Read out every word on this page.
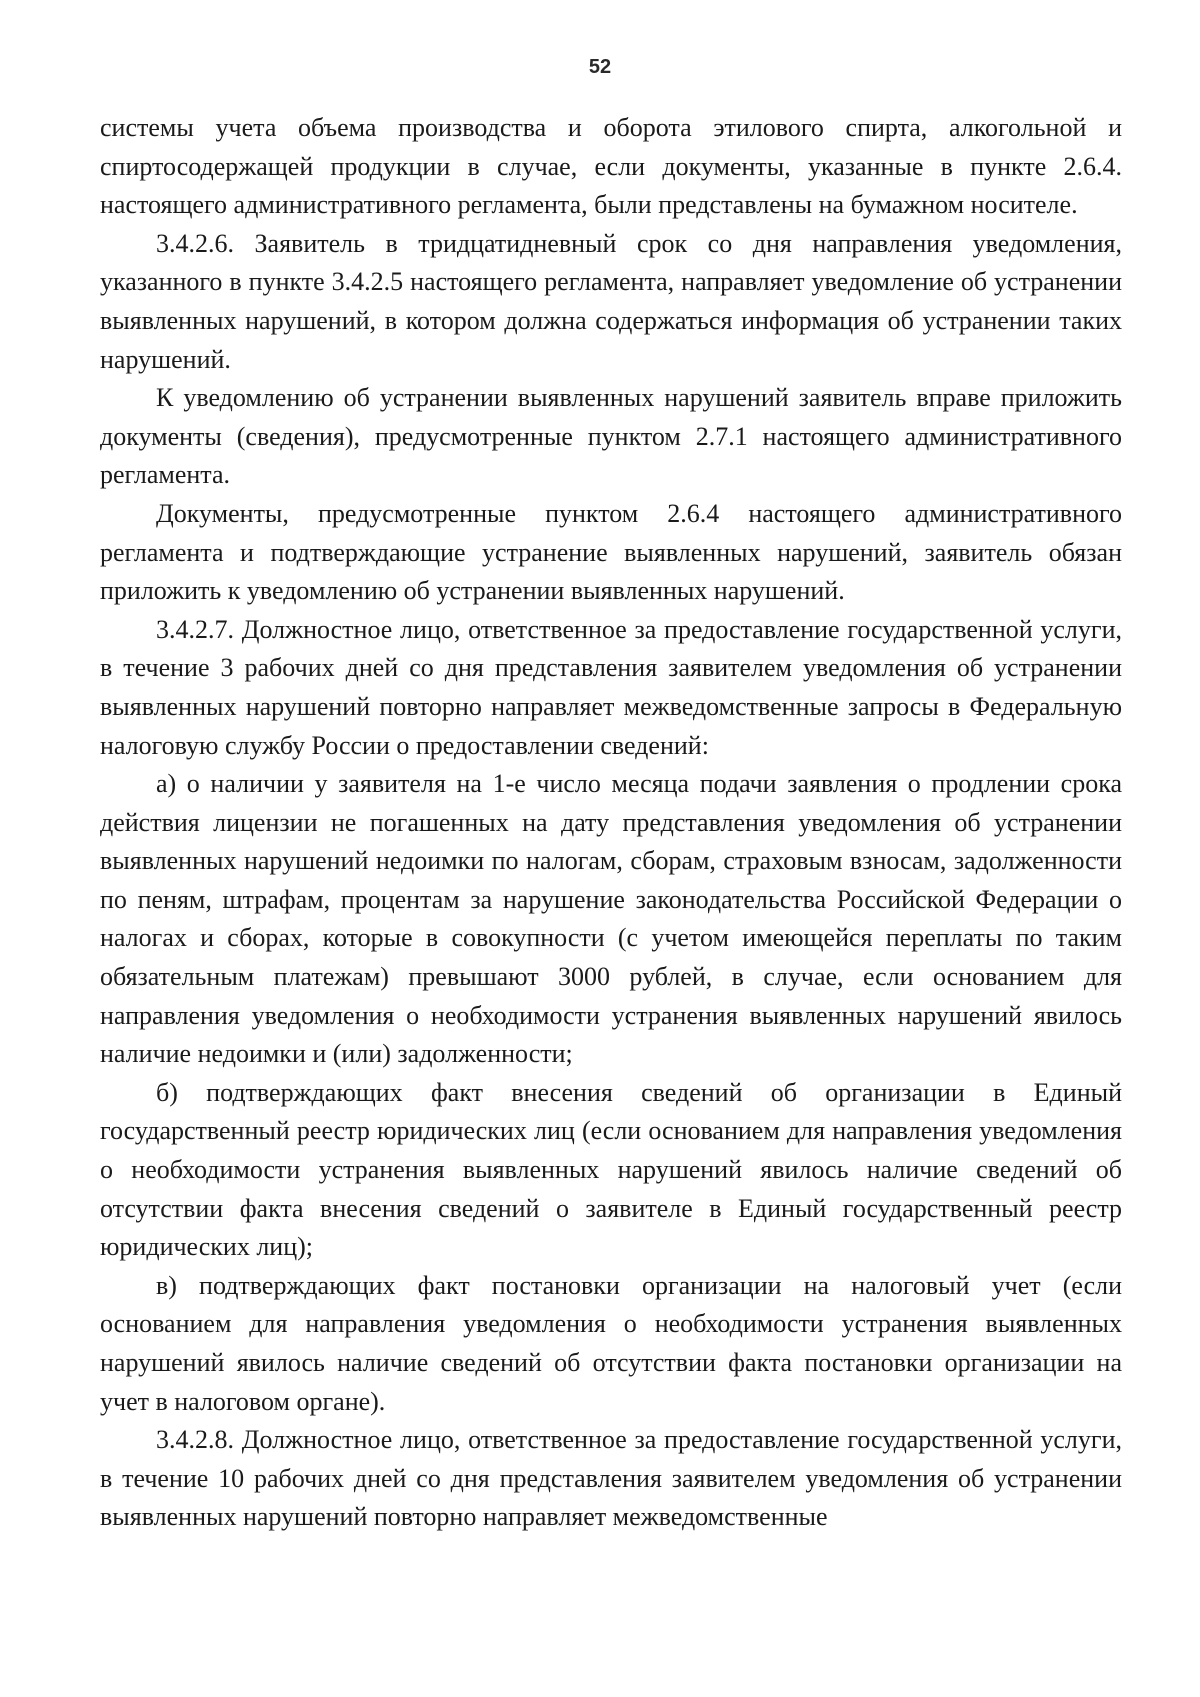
52

системы учета объема производства и оборота этилового спирта, алкогольной и спиртосодержащей продукции в случае, если документы, указанные в пункте 2.6.4. настоящего административного регламента, были представлены на бумажном носителе.

3.4.2.6. Заявитель в тридцатидневный срок со дня направления уведомления, указанного в пункте 3.4.2.5 настоящего регламента, направляет уведомление об устранении выявленных нарушений, в котором должна содержаться информация об устранении таких нарушений.

К уведомлению об устранении выявленных нарушений заявитель вправе приложить документы (сведения), предусмотренные пунктом 2.7.1 настоящего административного регламента.

Документы, предусмотренные пунктом 2.6.4 настоящего административного регламента и подтверждающие устранение выявленных нарушений, заявитель обязан приложить к уведомлению об устранении выявленных нарушений.

3.4.2.7. Должностное лицо, ответственное за предоставление государственной услуги, в течение 3 рабочих дней со дня представления заявителем уведомления об устранении выявленных нарушений повторно направляет межведомственные запросы в Федеральную налоговую службу России о предоставлении сведений:

а) о наличии у заявителя на 1-е число месяца подачи заявления о продлении срока действия лицензии не погашенных на дату представления уведомления об устранении выявленных нарушений недоимки по налогам, сборам, страховым взносам, задолженности по пеням, штрафам, процентам за нарушение законодательства Российской Федерации о налогах и сборах, которые в совокупности (с учетом имеющейся переплаты по таким обязательным платежам) превышают 3000 рублей, в случае, если основанием для направления уведомления о необходимости устранения выявленных нарушений явилось наличие недоимки и (или) задолженности;

б) подтверждающих факт внесения сведений об организации в Единый государственный реестр юридических лиц (если основанием для направления уведомления о необходимости устранения выявленных нарушений явилось наличие сведений об отсутствии факта внесения сведений о заявителе в Единый государственный реестр юридических лиц);

в) подтверждающих факт постановки организации на налоговый учет (если основанием для направления уведомления о необходимости устранения выявленных нарушений явилось наличие сведений об отсутствии факта постановки организации на учет в налоговом органе).

3.4.2.8. Должностное лицо, ответственное за предоставление государственной услуги, в течение 10 рабочих дней со дня представления заявителем уведомления об устранении выявленных нарушений повторно направляет межведомственные
